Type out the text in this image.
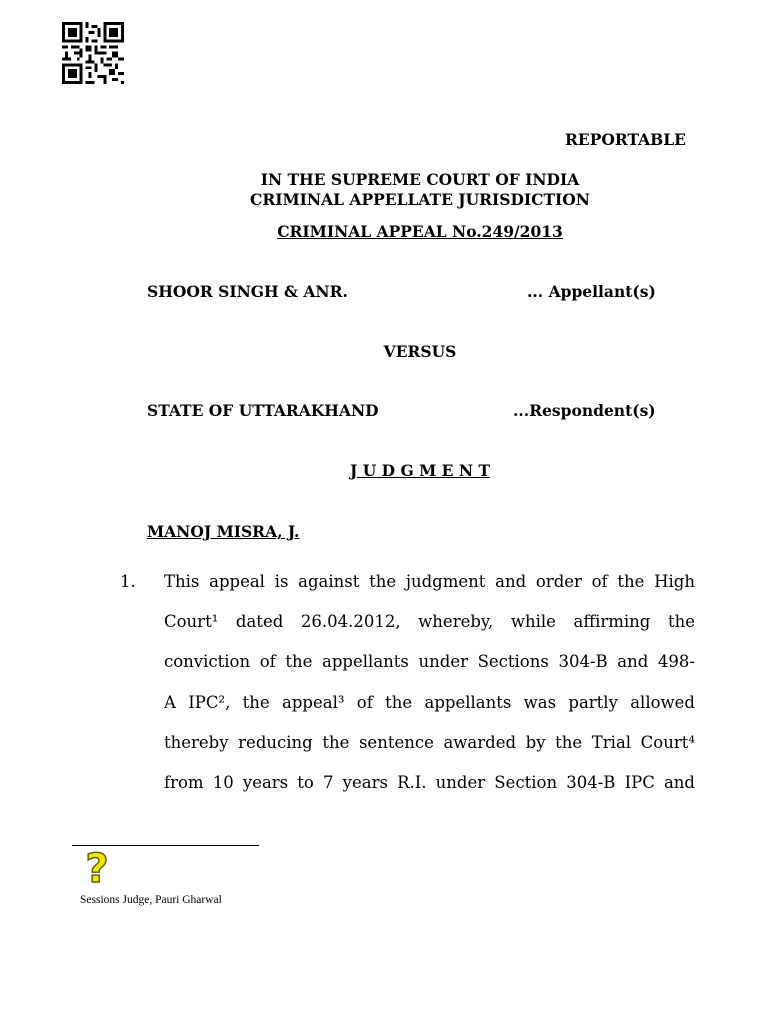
REPORTABLE
IN THE SUPREME COURT OF INDIA
CRIMINAL APPELLATE JURISDICTION
CRIMINAL APPEAL No.249/2013
SHOOR SINGH & ANR.	... Appellant(s)
VERSUS
STATE OF UTTARAKHAND	...Respondent(s)
J U D G M E N T
MANOJ MISRA, J.
1. This appeal is against the judgment and order of the High
Court¹ dated 26.04.2012, whereby, while affirming the
conviction of the appellants under Sections 304-B and 498-
A IPC², the appeal³ of the appellants was partly allowed
thereby reducing the sentence awarded by the Trial Court⁴
from 10 years to 7 years R.I. under Section 304-B IPC and
?
Sessions Judge, Pauri Gharwal
